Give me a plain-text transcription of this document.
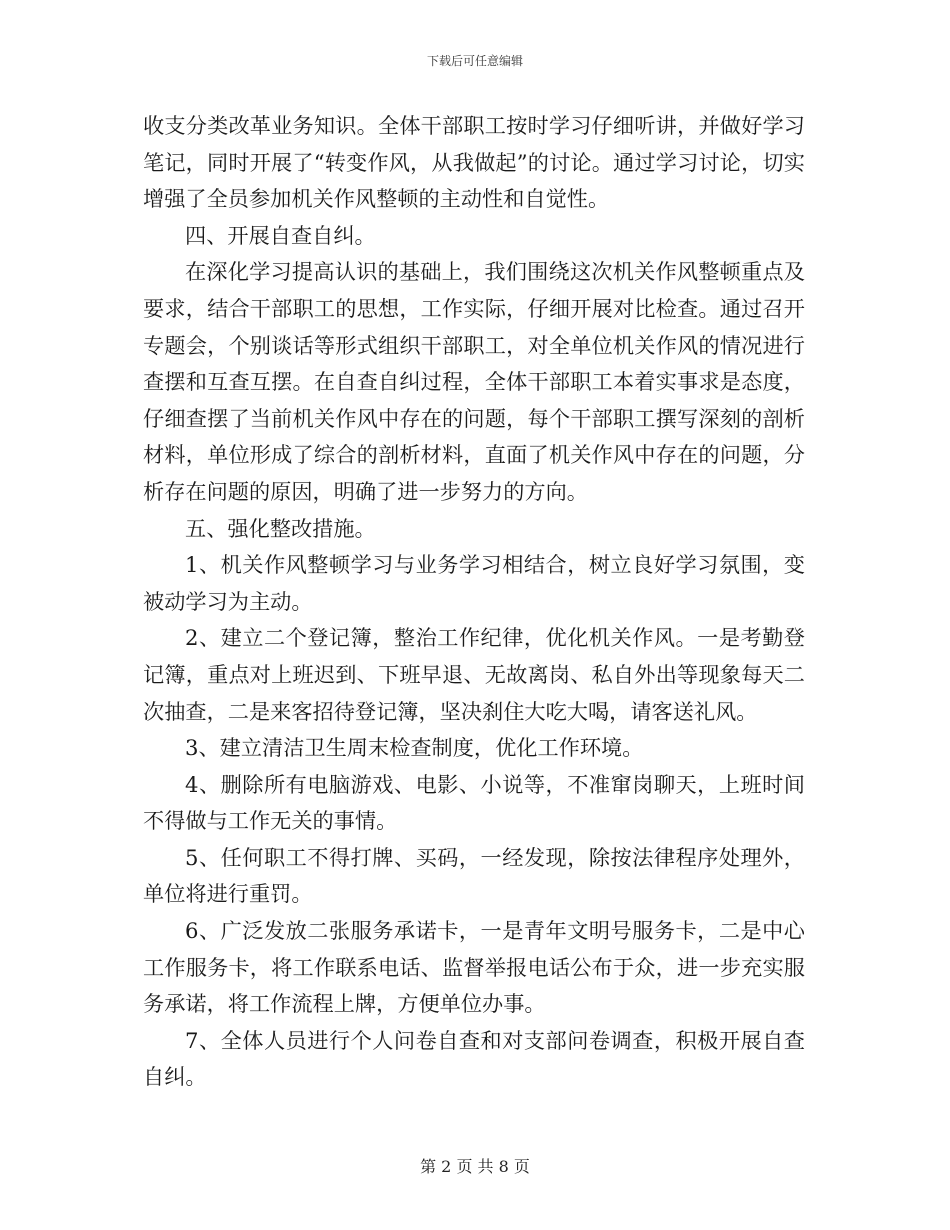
下载后可任意编辑

收支分类改革业务知识。全体干部职工按时学习仔细听讲，并做好学习笔记，同时开展了“转变作风，从我做起”的讨论。通过学习讨论，切实增强了全员参加机关作风整顿的主动性和自觉性。

四、开展自查自纠。

在深化学习提高认识的基础上，我们围绕这次机关作风整顿重点及要求，结合干部职工的思想，工作实际，仔细开展对比检查。通过召开专题会，个别谈话等形式组织干部职工，对全单位机关作风的情况进行查摆和互查互摆。在自查自纠过程，全体干部职工本着实事求是态度，仔细查摆了当前机关作风中存在的问题，每个干部职工撰写深刻的剖析材料，单位形成了综合的剖析材料，直面了机关作风中存在的问题，分析存在问题的原因，明确了进一步努力的方向。

五、强化整改措施。

1、机关作风整顿学习与业务学习相结合，树立良好学习氛围，变被动学习为主动。

2、建立二个登记簿，整治工作纪律，优化机关作风。一是考勤登记簿，重点对上班迟到、下班早退、无故离岗、私自外出等现象每天二次抽查，二是来客招待登记簿，坚决刹住大吃大喝，请客送礼风。

3、建立清洁卫生周末检查制度，优化工作环境。

4、删除所有电脑游戏、电影、小说等，不准窜岗聊天，上班时间不得做与工作无关的事情。

5、任何职工不得打牌、买码，一经发现，除按法律程序处理外，单位将进行重罚。

6、广泛发放二张服务承诺卡，一是青年文明号服务卡，二是中心工作服务卡，将工作联系电话、监督举报电话公布于众，进一步充实服务承诺，将工作流程上牌，方便单位办事。

7、全体人员进行个人问卷自查和对支部问卷调查，积极开展自查自纠。

第 2 页 共 8 页
